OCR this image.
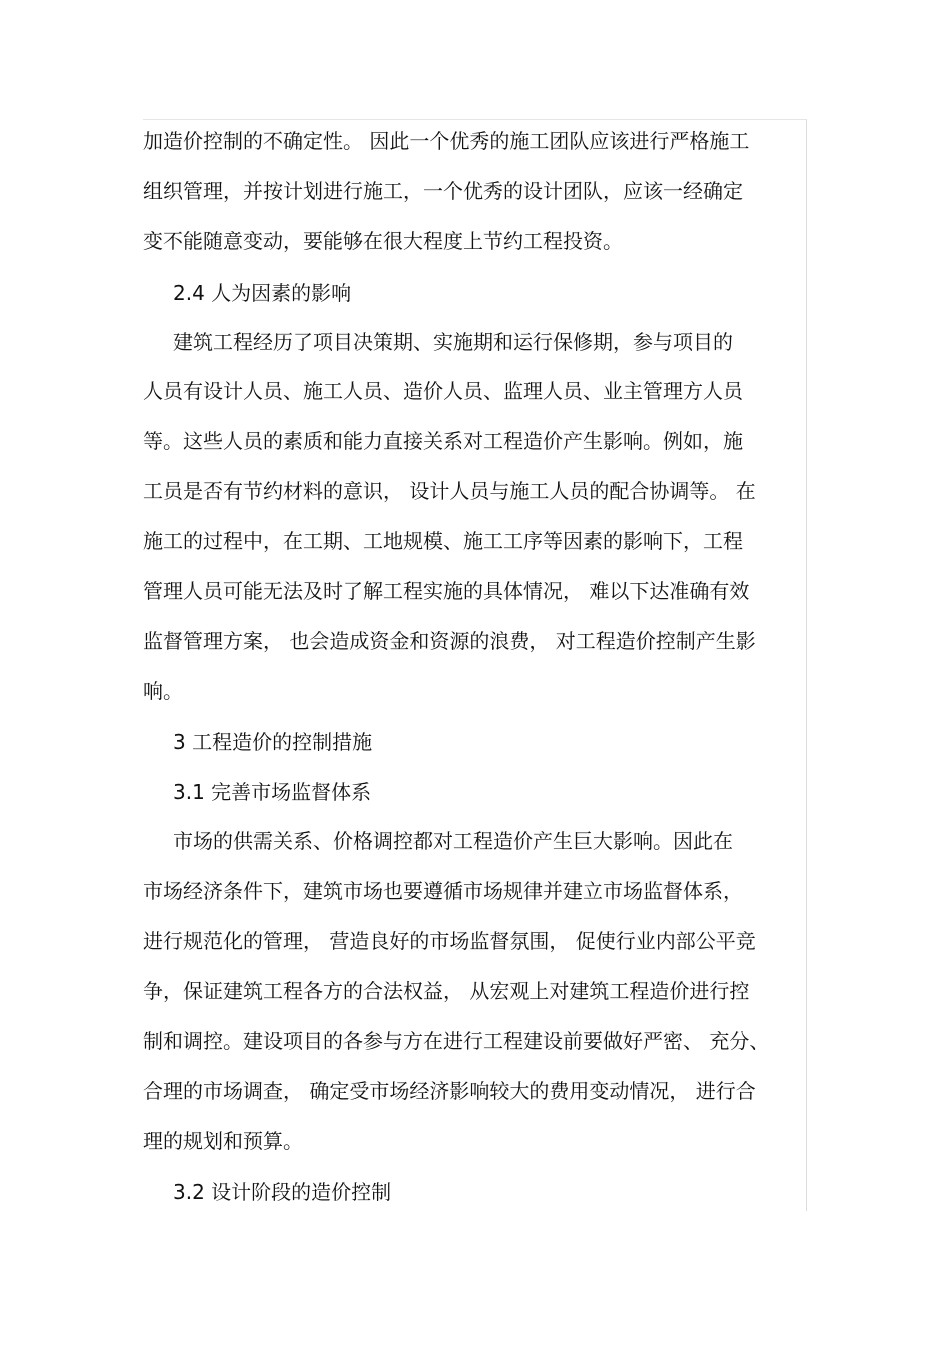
加造价控制的不确定性。 因此一个优秀的施工团队应该进行严格施工
组织管理，并按计划进行施工，一个优秀的设计团队，应该一经确定
变不能随意变动，要能够在很大程度上节约工程投资。
2.4 人为因素的影响
建筑工程经历了项目决策期、实施期和运行保修期，参与项目的
人员有设计人员、施工人员、造价人员、监理人员、业主管理方人员
等。这些人员的素质和能力直接关系对工程造价产生影响。例如，施
工员是否有节约材料的意识， 设计人员与施工人员的配合协调等。 在
施工的过程中，在工期、工地规模、施工工序等因素的影响下，工程
管理人员可能无法及时了解工程实施的具体情况， 难以下达准确有效
监督管理方案， 也会造成资金和资源的浪费， 对工程造价控制产生影
响。
3 工程造价的控制措施
3.1 完善市场监督体系
市场的供需关系、价格调控都对工程造价产生巨大影响。因此在
市场经济条件下，建筑市场也要遵循市场规律并建立市场监督体系，
进行规范化的管理， 营造良好的市场监督氛围， 促使行业内部公平竞
争，保证建筑工程各方的合法权益， 从宏观上对建筑工程造价进行控
制和调控。建设项目的各参与方在进行工程建设前要做好严密、 充分、
合理的市场调查， 确定受市场经济影响较大的费用变动情况， 进行合
理的规划和预算。
3.2 设计阶段的造价控制
